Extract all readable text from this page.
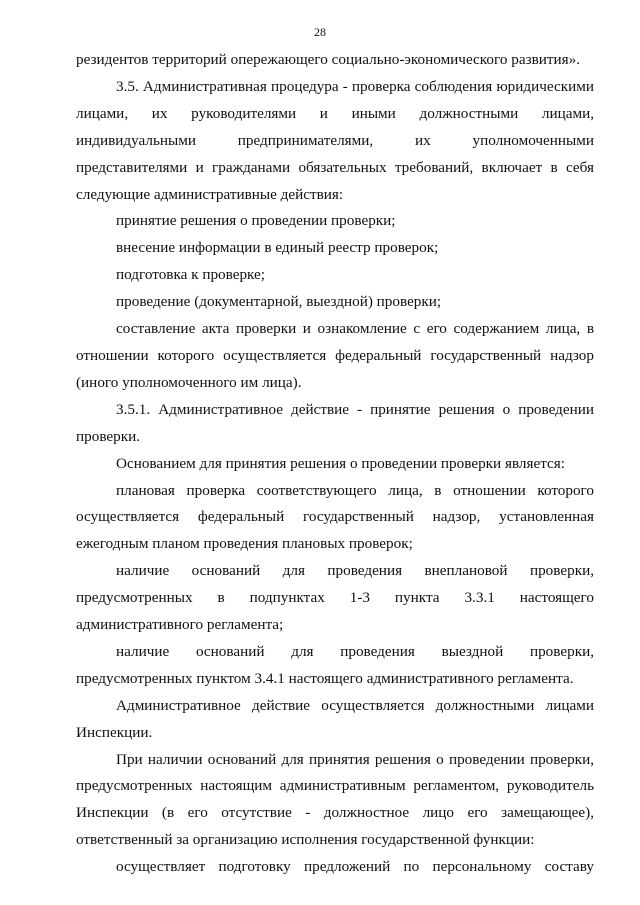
28

резидентов территорий опережающего социально-экономического развития».

3.5. Административная процедура - проверка соблюдения юридическими лицами, их руководителями и иными должностными лицами, индивидуальными предпринимателями, их уполномоченными представителями и гражданами обязательных требований, включает в себя следующие административные действия:

принятие решения о проведении проверки;

внесение информации в единый реестр проверок;

подготовка к проверке;

проведение (документарной, выездной) проверки;

составление акта проверки и ознакомление с его содержанием лица, в отношении которого осуществляется федеральный государственный надзор (иного уполномоченного им лица).

3.5.1. Административное действие - принятие решения о проведении проверки.

Основанием для принятия решения о проведении проверки является:

плановая проверка соответствующего лица, в отношении которого осуществляется федеральный государственный надзор, установленная ежегодным планом проведения плановых проверок;

наличие оснований для проведения внеплановой проверки, предусмотренных в подпунктах 1-3 пункта 3.3.1 настоящего административного регламента;

наличие оснований для проведения выездной проверки, предусмотренных пунктом 3.4.1 настоящего административного регламента.

Административное действие осуществляется должностными лицами Инспекции.

При наличии оснований для принятия решения о проведении проверки, предусмотренных настоящим административным регламентом, руководитель Инспекции (в его отсутствие - должностное лицо его замещающее), ответственный за организацию исполнения государственной функции:

осуществляет подготовку предложений по персональному составу
